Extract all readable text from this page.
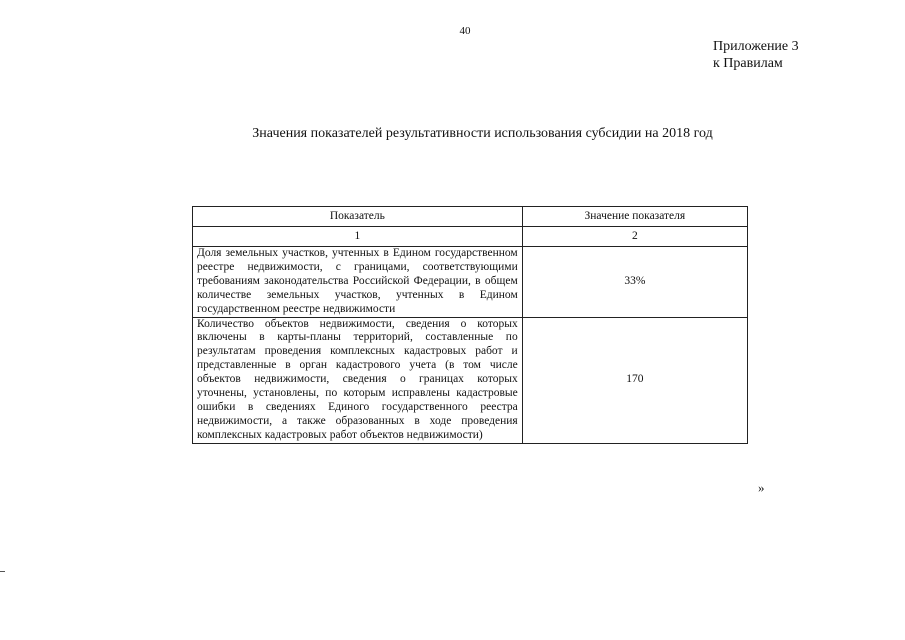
40
Приложение 3
к Правилам
Значения показателей результативности использования субсидии на 2018 год
Показатель	Значение показателя
1	2
Доля земельных участков, учтенных в Едином государственном реестре недвижимости, с границами, соответствующими требованиям законодательства Российской Федерации, в общем количестве земельных участков, учтенных в Едином государственном реестре недвижимости	33%
Количество объектов недвижимости, сведения о которых включены в карты-планы территорий, составленные по результатам проведения комплексных кадастровых работ и представленные в орган кадастрового учета (в том числе объектов недвижимости, сведения о границах которых уточнены, установлены, по которым исправлены кадастровые ошибки в сведениях Единого государственного реестра недвижимости, а также образованных в ходе проведения комплексных кадастровых работ объектов недвижимости)	170
»
